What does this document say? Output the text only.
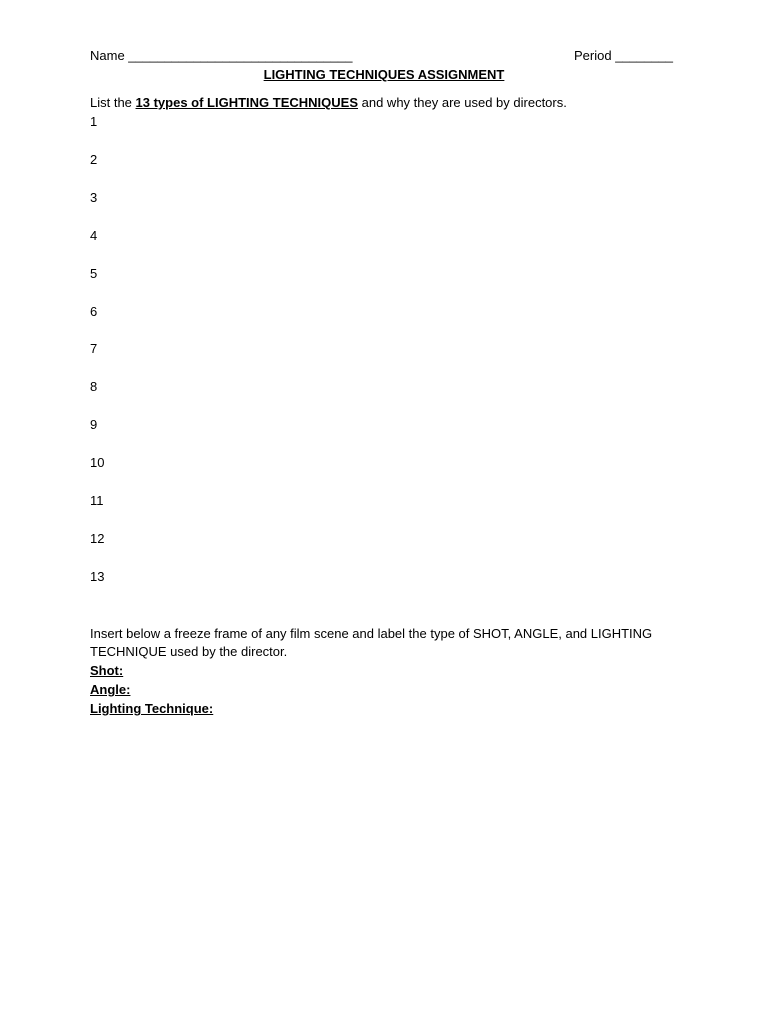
Name _______________________________	Period ________
LIGHTING TECHNIQUES ASSIGNMENT
List the 13 types of LIGHTING TECHNIQUES and why they are used by directors.
1
2
3
4
5
6
7
8
9
10
11
12
13
Insert below a freeze frame of any film scene and label the type of SHOT, ANGLE, and LIGHTING
TECHNIQUE used by the director.
Shot:
Angle:
Lighting Technique:
